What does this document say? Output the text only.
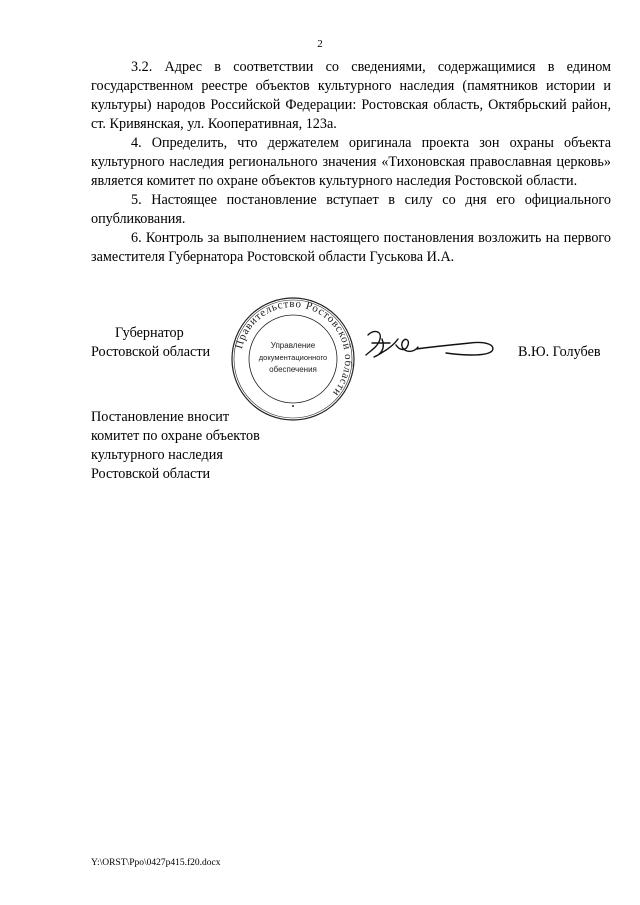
2

3.2. Адрес в соответствии со сведениями, содержащимися в едином государственном реестре объектов культурного наследия (памятников истории и культуры) народов Российской Федерации: Ростовская область, Октябрьский район, ст. Кривянская, ул. Кооперативная, 123а.

4. Определить, что держателем оригинала проекта зон охраны объекта культурного наследия регионального значения «Тихоновская православная церковь» является комитет по охране объектов культурного наследия Ростовской области.

5. Настоящее постановление вступает в силу со дня его официального опубликования.

6. Контроль за выполнением настоящего постановления возложить на первого заместителя Губернатора Ростовской области Гуськова И.А.

Губернатор
Ростовской области Правительство Ростовской области
Управление
документационного
обеспечения
•
В.Ю. Голубев
Постановление вносит
комитет по охране объектов
культурного наследия
Ростовской области
Y:\ORST\Ppo\0427p415.f20.docx
